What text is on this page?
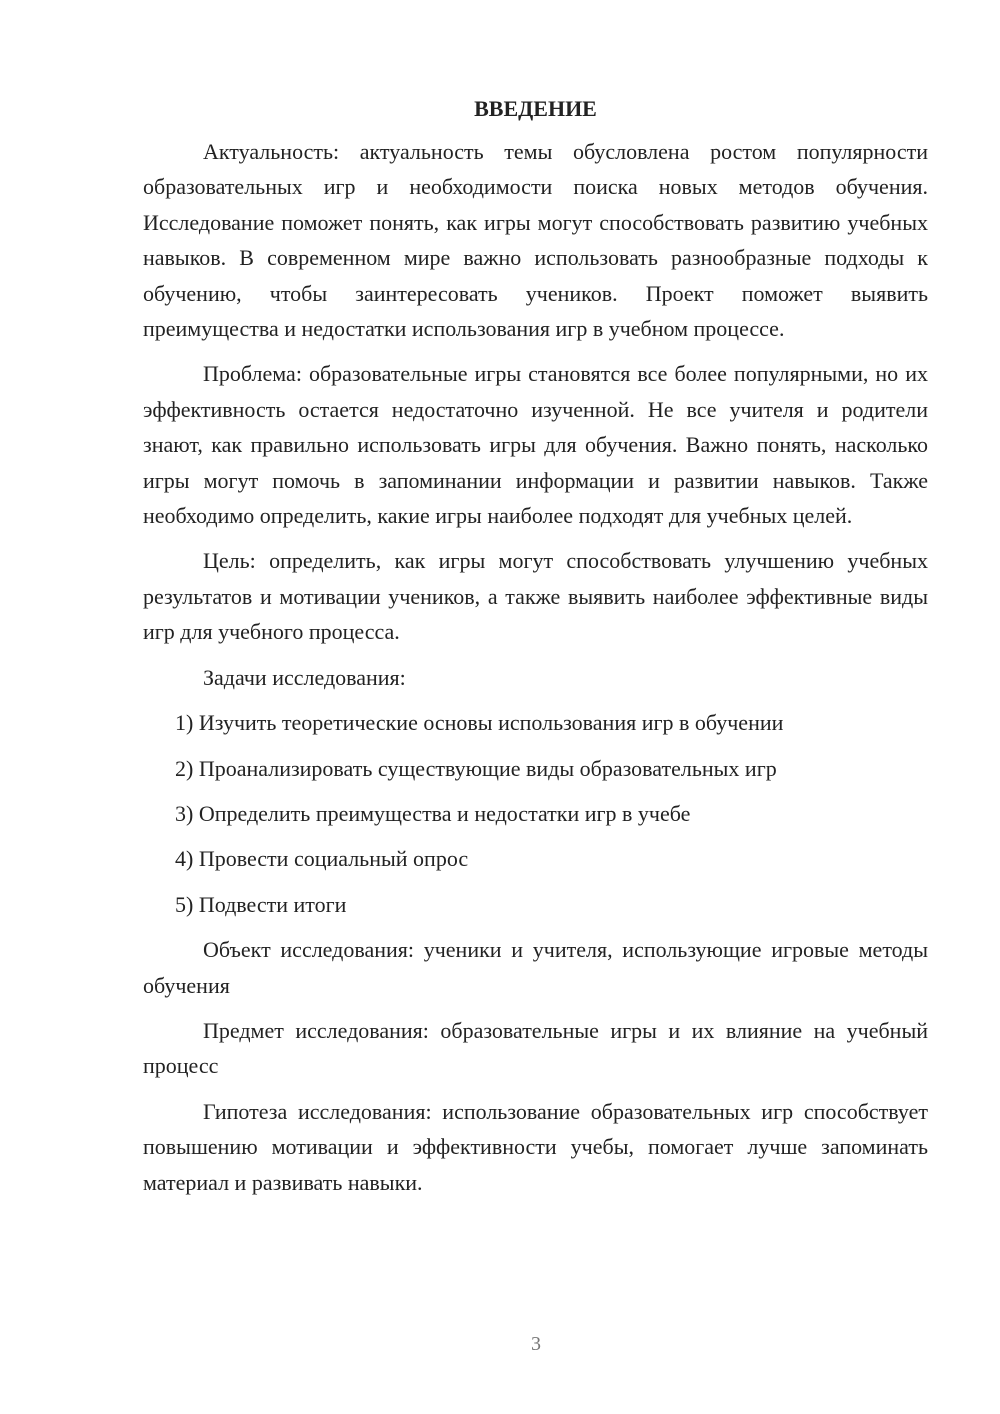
ВВЕДЕНИЕ

Актуальность: актуальность темы обусловлена ростом популярности образовательных игр и необходимости поиска новых методов обучения. Исследование поможет понять, как игры могут способствовать развитию учебных навыков. В современном мире важно использовать разнообразные подходы к обучению, чтобы заинтересовать учеников. Проект поможет выявить преимущества и недостатки использования игр в учебном процессе.

Проблема: образовательные игры становятся все более популярными, но их эффективность остается недостаточно изученной. Не все учителя и родители знают, как правильно использовать игры для обучения. Важно понять, насколько игры могут помочь в запоминании информации и развитии навыков. Также необходимо определить, какие игры наиболее подходят для учебных целей.

Цель: определить, как игры могут способствовать улучшению учебных результатов и мотивации учеников, а также выявить наиболее эффективные виды игр для учебного процесса.

Задачи исследования:

1) Изучить теоретические основы использования игр в обучении
2) Проанализировать существующие виды образовательных игр
3) Определить преимущества и недостатки игр в учебе
4) Провести социальный опрос
5) Подвести итоги

Объект исследования: ученики и учителя, использующие игровые методы обучения

Предмет исследования: образовательные игры и их влияние на учебный процесс

Гипотеза исследования: использование образовательных игр способствует повышению мотивации и эффективности учебы, помогает лучше запоминать материал и развивать навыки.

3
